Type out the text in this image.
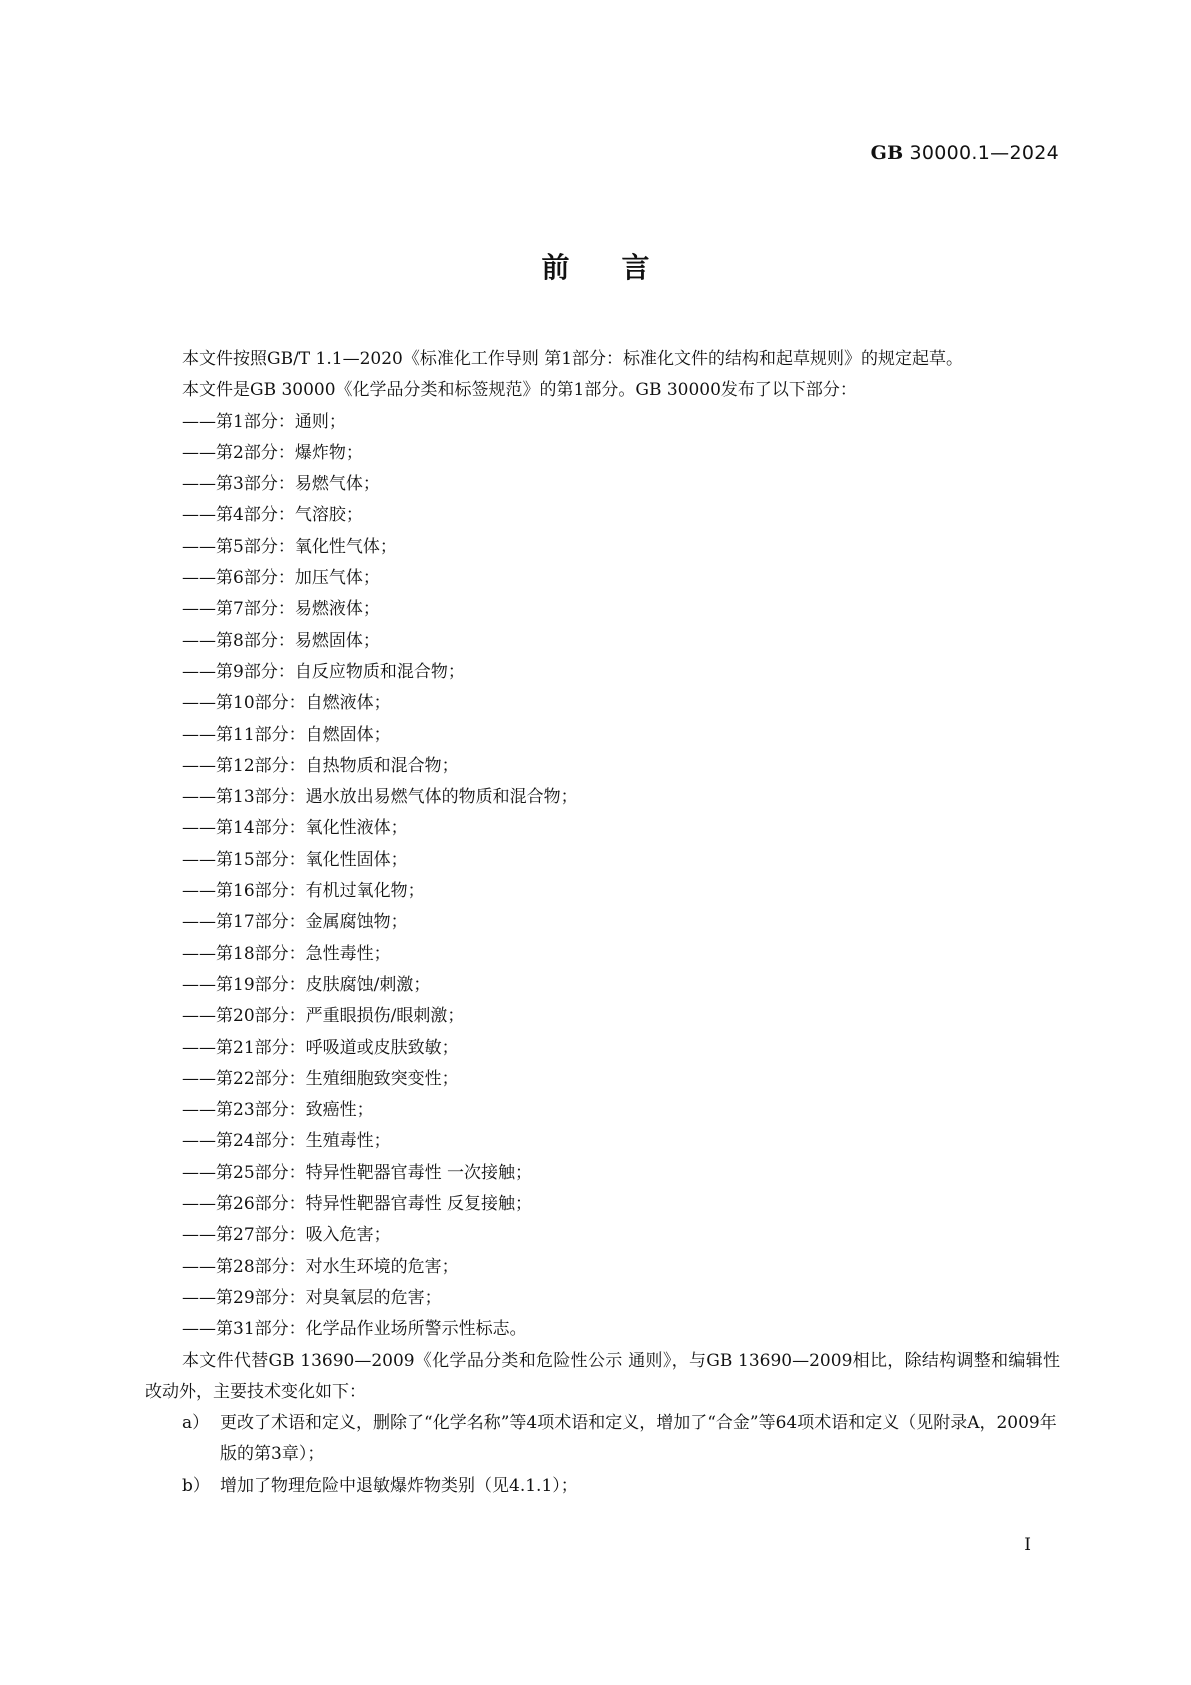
GB 30000.1—2024
前言

本文件按照GB/T 1.1—2020《标准化工作导则 第1部分：标准化文件的结构和起草规则》的规定起草。

本文件是GB 30000《化学品分类和标签规范》的第1部分。GB 30000发布了以下部分：

——第1部分：通则；

——第2部分：爆炸物；

——第3部分：易燃气体；

——第4部分：气溶胶；

——第5部分：氧化性气体；

——第6部分：加压气体；

——第7部分：易燃液体；

——第8部分：易燃固体；

——第9部分：自反应物质和混合物；

——第10部分：自燃液体；

——第11部分：自燃固体；

——第12部分：自热物质和混合物；

——第13部分：遇水放出易燃气体的物质和混合物；

——第14部分：氧化性液体；

——第15部分：氧化性固体；

——第16部分：有机过氧化物；

——第17部分：金属腐蚀物；

——第18部分：急性毒性；

——第19部分：皮肤腐蚀/刺激；

——第20部分：严重眼损伤/眼刺激；

——第21部分：呼吸道或皮肤致敏；

——第22部分：生殖细胞致突变性；

——第23部分：致癌性；

——第24部分：生殖毒性；

——第25部分：特异性靶器官毒性 一次接触；

——第26部分：特异性靶器官毒性 反复接触；

——第27部分：吸入危害；

——第28部分：对水生环境的危害；

——第29部分：对臭氧层的危害；

——第31部分：化学品作业场所警示性标志。

本文件代替GB 13690—2009《化学品分类和危险性公示 通则》，与GB 13690—2009相比，除结构调整和编辑性改动外，主要技术变化如下：

a） 更改了术语和定义，删除了“化学名称”等4项术语和定义，增加了“合金”等64项术语和定义（见附录A，2009年版的第3章）；

b） 增加了物理危险中退敏爆炸物类别（见4.1.1）；

I
